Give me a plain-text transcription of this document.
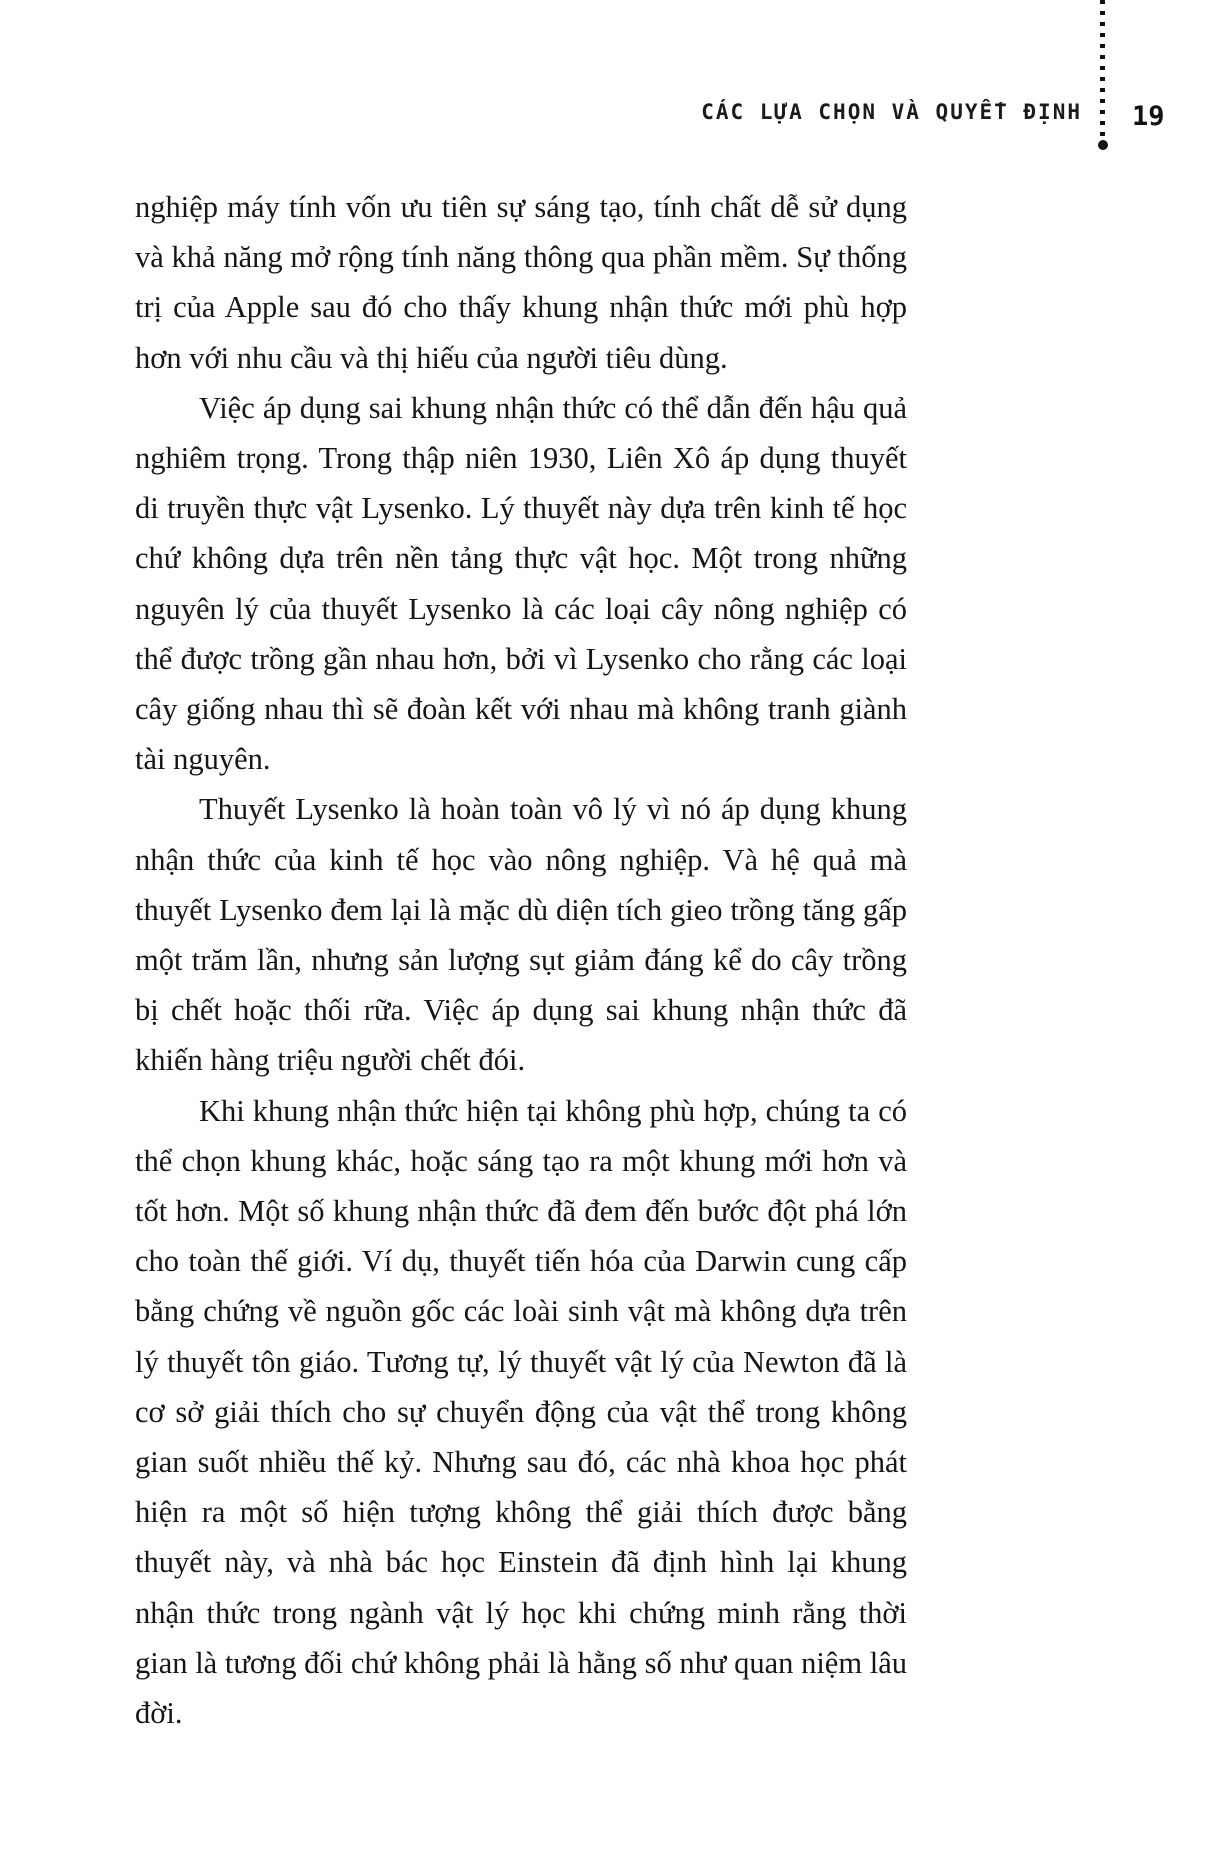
CÁC LỰA CHỌN VÀ QUYẾT ĐỊNH 19

nghiệp máy tính vốn ưu tiên sự sáng tạo, tính chất dễ sử dụng và khả năng mở rộng tính năng thông qua phần mềm. Sự thống trị của Apple sau đó cho thấy khung nhận thức mới phù hợp hơn với nhu cầu và thị hiếu của người tiêu dùng.

Việc áp dụng sai khung nhận thức có thể dẫn đến hậu quả nghiêm trọng. Trong thập niên 1930, Liên Xô áp dụng thuyết di truyền thực vật Lysenko. Lý thuyết này dựa trên kinh tế học chứ không dựa trên nền tảng thực vật học. Một trong những nguyên lý của thuyết Lysenko là các loại cây nông nghiệp có thể được trồng gần nhau hơn, bởi vì Lysenko cho rằng các loại cây giống nhau thì sẽ đoàn kết với nhau mà không tranh giành tài nguyên.

Thuyết Lysenko là hoàn toàn vô lý vì nó áp dụng khung nhận thức của kinh tế học vào nông nghiệp. Và hệ quả mà thuyết Lysenko đem lại là mặc dù diện tích gieo trồng tăng gấp một trăm lần, nhưng sản lượng sụt giảm đáng kể do cây trồng bị chết hoặc thối rữa. Việc áp dụng sai khung nhận thức đã khiến hàng triệu người chết đói.

Khi khung nhận thức hiện tại không phù hợp, chúng ta có thể chọn khung khác, hoặc sáng tạo ra một khung mới hơn và tốt hơn. Một số khung nhận thức đã đem đến bước đột phá lớn cho toàn thế giới. Ví dụ, thuyết tiến hóa của Darwin cung cấp bằng chứng về nguồn gốc các loài sinh vật mà không dựa trên lý thuyết tôn giáo. Tương tự, lý thuyết vật lý của Newton đã là cơ sở giải thích cho sự chuyển động của vật thể trong không gian suốt nhiều thế kỷ. Nhưng sau đó, các nhà khoa học phát hiện ra một số hiện tượng không thể giải thích được bằng thuyết này, và nhà bác học Einstein đã định hình lại khung nhận thức trong ngành vật lý học khi chứng minh rằng thời gian là tương đối chứ không phải là hằng số như quan niệm lâu đời.
